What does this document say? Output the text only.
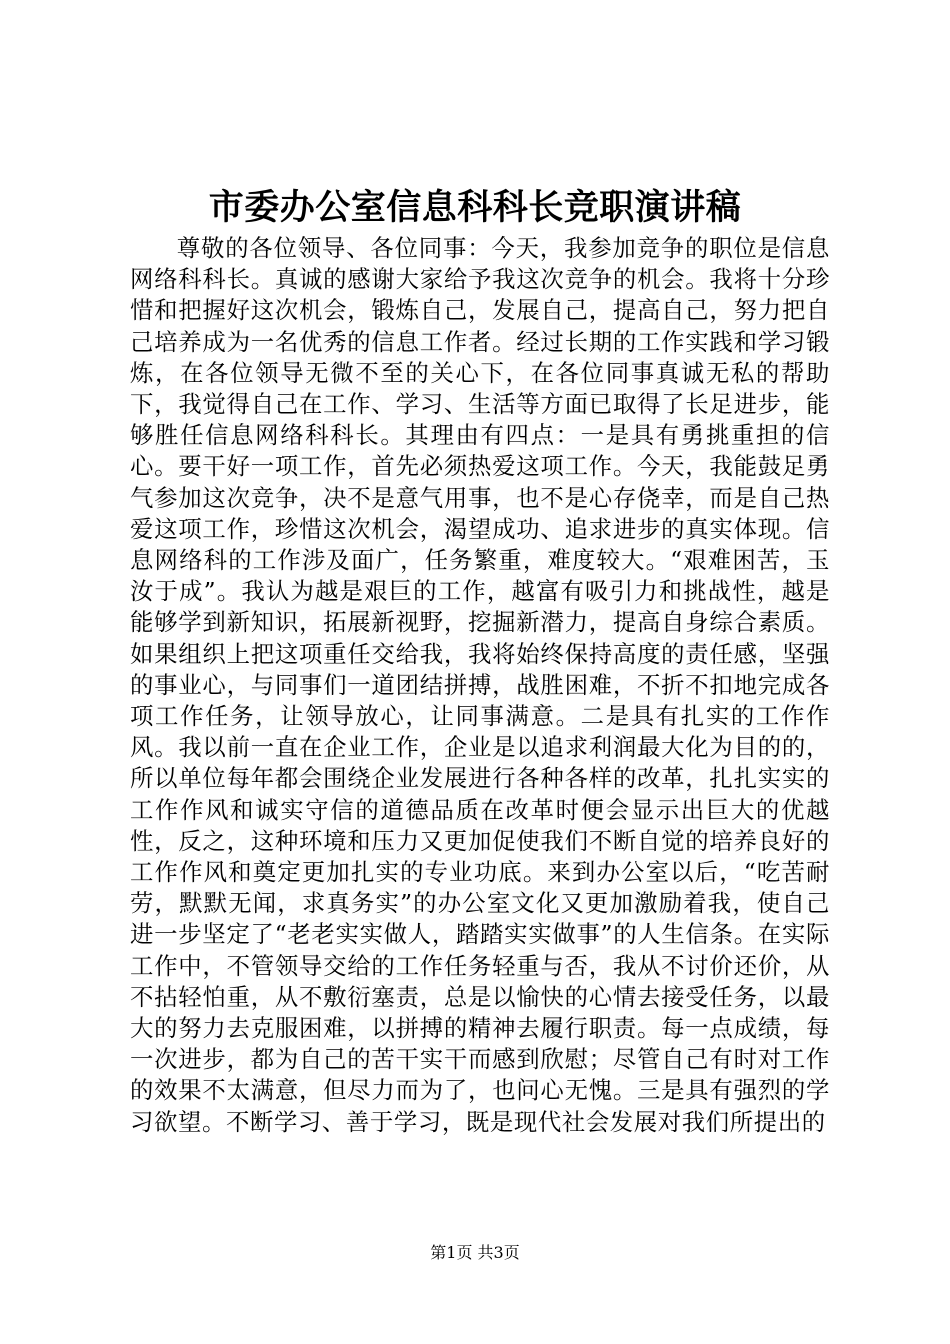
市委办公室信息科科长竞职演讲稿

尊敬的各位领导、各位同事：今天，我参加竞争的职位是信息网络科科长。真诚的感谢大家给予我这次竞争的机会。我将十分珍惜和把握好这次机会，锻炼自己，发展自己，提高自己，努力把自己培养成为一名优秀的信息工作者。经过长期的工作实践和学习锻炼，在各位领导无微不至的关心下，在各位同事真诚无私的帮助下，我觉得自己在工作、学习、生活等方面已取得了长足进步，能够胜任信息网络科科长。其理由有四点：一是具有勇挑重担的信心。要干好一项工作，首先必须热爱这项工作。今天，我能鼓足勇气参加这次竞争，决不是意气用事，也不是心存侥幸，而是自己热爱这项工作，珍惜这次机会，渴望成功、追求进步的真实体现。信息网络科的工作涉及面广，任务繁重，难度较大。“艰难困苦，玉汝于成”。我认为越是艰巨的工作，越富有吸引力和挑战性，越是能够学到新知识，拓展新视野，挖掘新潜力，提高自身综合素质。如果组织上把这项重任交给我，我将始终保持高度的责任感，坚强的事业心，与同事们一道团结拼搏，战胜困难，不折不扣地完成各项工作任务，让领导放心，让同事满意。二是具有扎实的工作作风。我以前一直在企业工作，企业是以追求利润最大化为目的的，所以单位每年都会围绕企业发展进行各种各样的改革，扎扎实实的工作作风和诚实守信的道德品质在改革时便会显示出巨大的优越性，反之，这种环境和压力又更加促使我们不断自觉的培养良好的工作作风和奠定更加扎实的专业功底。来到办公室以后，“吃苦耐劳，默默无闻，求真务实”的办公室文化又更加激励着我，使自己进一步坚定了“老老实实做人，踏踏实实做事”的人生信条。在实际工作中，不管领导交给的工作任务轻重与否，我从不讨价还价，从不拈轻怕重，从不敷衍塞责，总是以愉快的心情去接受任务，以最大的努力去克服困难，以拼搏的精神去履行职责。每一点成绩，每一次进步，都为自己的苦干实干而感到欣慰；尽管自己有时对工作的效果不太满意，但尽力而为了，也问心无愧。三是具有强烈的学习欲望。不断学习、善于学习，既是现代社会发展对我们所提出的

第1页 共3页
